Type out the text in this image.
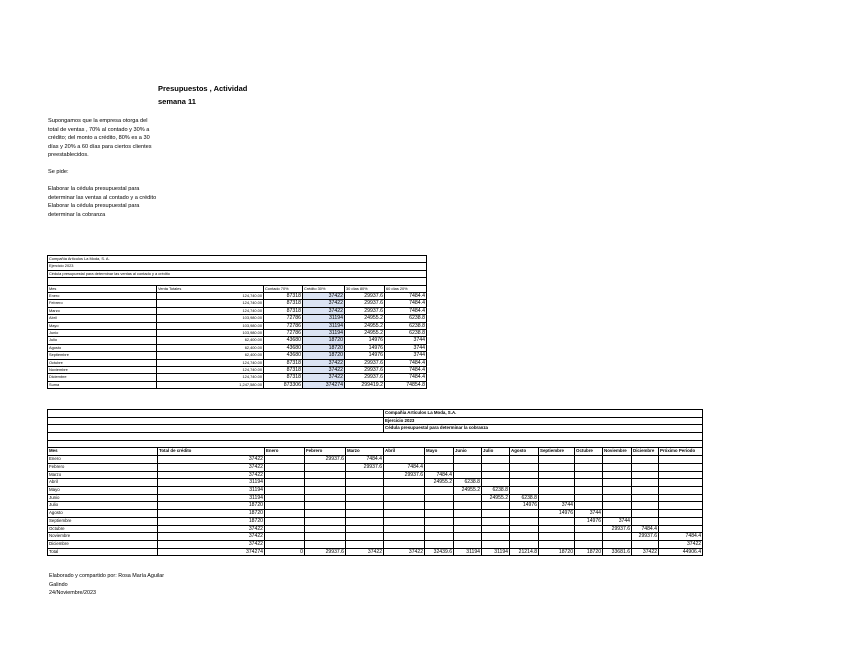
Presupuestos , Actividad
semana 11
Supongamos que la empresa otorga del total de ventas , 70% al contado y 30% a crédito; del monto a crédito, 80% es a 30 días y 20% a 60 días para ciertos clientes preestablecidos.
Se pide:
Elaborar la cédula presupuestal para determinar las ventas al contado y a crédito Elaborar la cédula presupuestal para determinar la cobranza
Compañía Artículos La Moda, S. A.					
Ejercicio 2023					
Cédula presupuestal para determinar las ventas al contado y a crédito					

Mes	Venta Totales	Contado 70%	Crédito 30%	30 días 80%	60 días 20%
Enero	124,740.00	87318	37422	29937.6	7484.4
Febrero	124,740.00	87318	37422	29937.6	7484.4
Marzo	124,740.00	87318	37422	29937.6	7484.4
Abril	103,980.00	72786	31194	24955.2	6238.8
Mayo	103,980.00	72786	31194	24955.2	6238.8
Junio	103,980.00	72786	31194	24955.2	6238.8
Julio	62,400.00	43680	18720	14976	3744
Agosto	62,400.00	43680	18720	14976	3744
Septiembre	62,400.00	43680	18720	14976	3744
Octubre	124,740.00	87318	37422	29937.6	7484.4
Noviembre	124,740.00	87318	37422	29937.6	7484.4
Diciembre	124,740.00	87318	37422	29937.6	7484.4
Suma	1,247,580.00	873306	374274	299419.2	74854.8
					Compañía Artículos La Moda, S.A.									
					Ejercicio 2023									
					Cédula presupuestal para determinar la cobranza									

Mes	Total de crédito	Enero	Febrero	Marzo	Abril	Mayo	Junio	Julio	Agosto	Septiembre	Octubre	Noviembre	Diciembre	Próximo Periodo
Enero	37422		29937.6	7484.4										
Febrero	37422			29937.6	7484.4									
Marzo	37422				29937.6	7484.4								
Abril	31194					24955.2	6238.8							
Mayo	31194						24955.2	6238.8						
Junio	31194							24955.2	6238.8					
Julio	18720								14976	3744				
Agosto	18720									14976	3744			
Septiembre	18720										14976	3744		
Octubre	37422											29937.6	7484.4	
Noviembre	37422												29937.6	7484.4
Diciembre	37422													37422
Total	374274	0	29937.6	37422	37422	32439.6	31194	31194	21214.8	18720	18720	33681.6	37422	44906.4
Elaborado y compartido por: Rosa María Aguilar Galindo
24/Noviembre/2023
